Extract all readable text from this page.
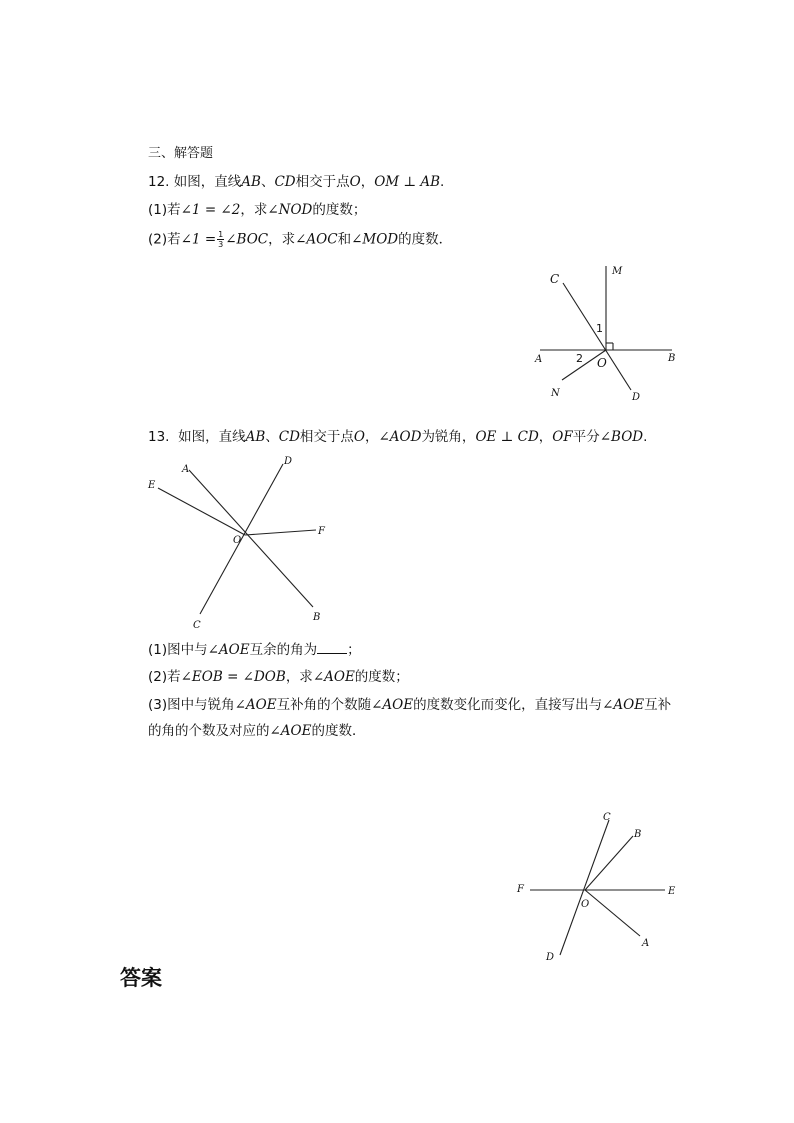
三、解答题
12. 如图，直线AB、CD相交于点O，OM ⊥ AB.
(1)若∠1 = ∠2，求∠NOD的度数；
(2)若∠1 = $\frac{1}{3}$ ∠BOC，求∠AOC和∠MOD的度数．
C
M
1
A	2 O	B
N	D
13. 如图，直线AB、CD相交于点O，∠AOD为锐角，OE ⊥ CD，OF平分∠BOD.
A
D
E
O
F
C
B
(1)图中与∠AOE互余的角为 ；
(2)若∠EOB = ∠DOB，求∠AOE的度数；
(3)图中与锐角∠AOE互补角的个数随∠AOE的度数变化而变化，直接写出与∠AOE互补
的角的个数及对应的∠AOE的度数．
C
B
F
O
E
D
A
答案
